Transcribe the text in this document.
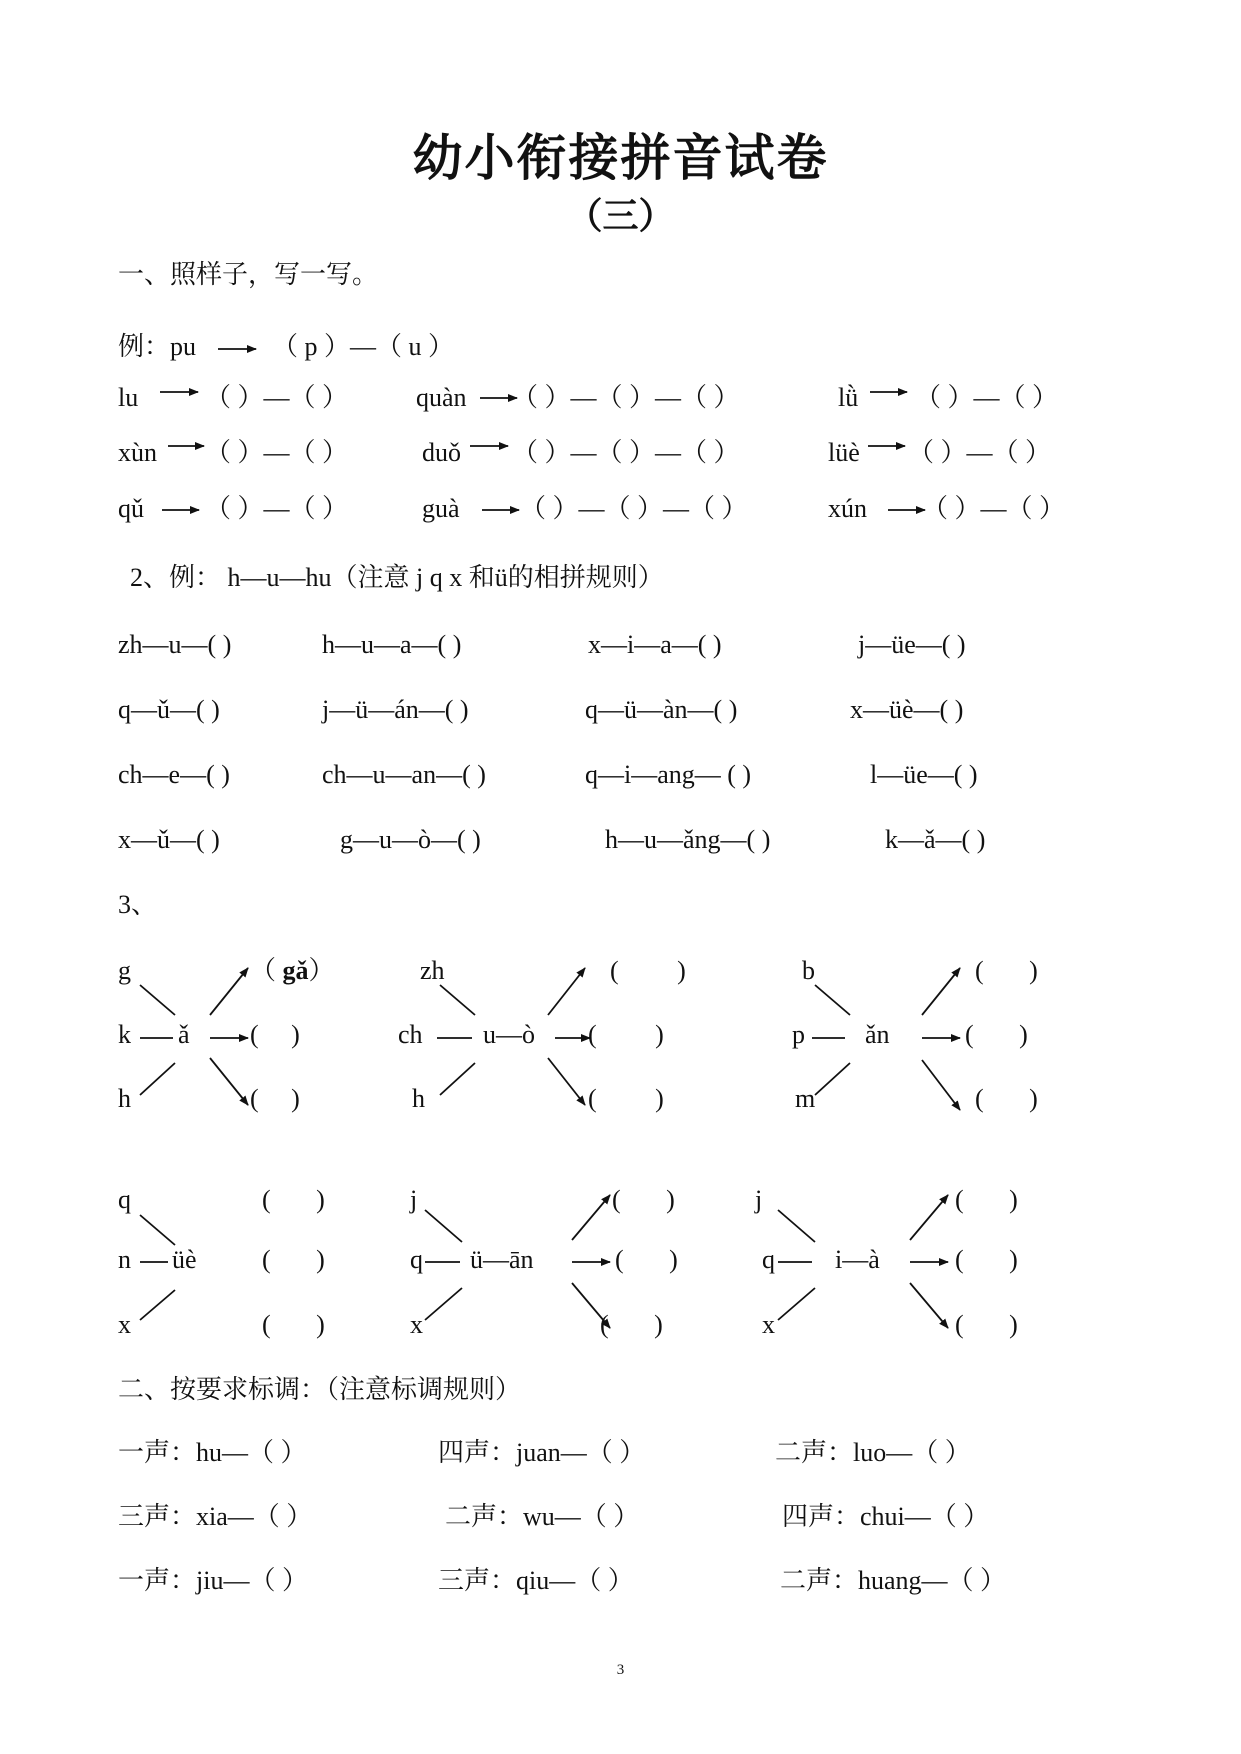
幼小衔接拼音试卷
（三）
一、照样子，写一写。
例：pu	（ p ）—（ u ）
lu	（ ）—（ ）	quàn （ ）—（ ）—（ ）	lǜ （ ）—（ ）
xùn （ ）—（ ）	duǒ （ ）—（ ）—（ ）	lüè （ ）—（ ）
qǔ （ ）—（ ）	guà （ ）—（ ）—（ ）	xún （ ）—（ ）
2、例： h—u—hu（注意 j q x 和ü的相拼规则）
zh—u—( )	h—u—a—( )	x—i—a—( )	j—üe—( )
q—ǔ—( )	j—ü—án—( )	q—ü—àn—( )	x—üè—( )
ch—e—( )	ch—u—an—( )	q—i—ang— ( )	l—üe—( )
x—ǔ—( )	g—u—ò—( )	h—u—ǎng—( )	k—ǎ—( )
3、
g
k
h
ǎ
（ gǎ）
(     )
(     )
zh
ch
h
u—ò
(         )
(         )
(         )
b
p
m
ǎn
(       )
(       )
(       )
q
n
x
üè
(       )
(       )
(       )
j
q
x
ü—ān
(       )
(       )
(       )
j
q
x
i—à
(       )
(       )
(       )
二、按要求标调：（注意标调规则）
一声：hu—（ ）	四声：juan—（ ）	二声：luo—（ ）
三声：xia—（ ）	二声：wu—（ ）	四声：chui—（ ）
一声：jiu—（ ）	三声：qiu—（ ）	二声：huang—（ ）
3
